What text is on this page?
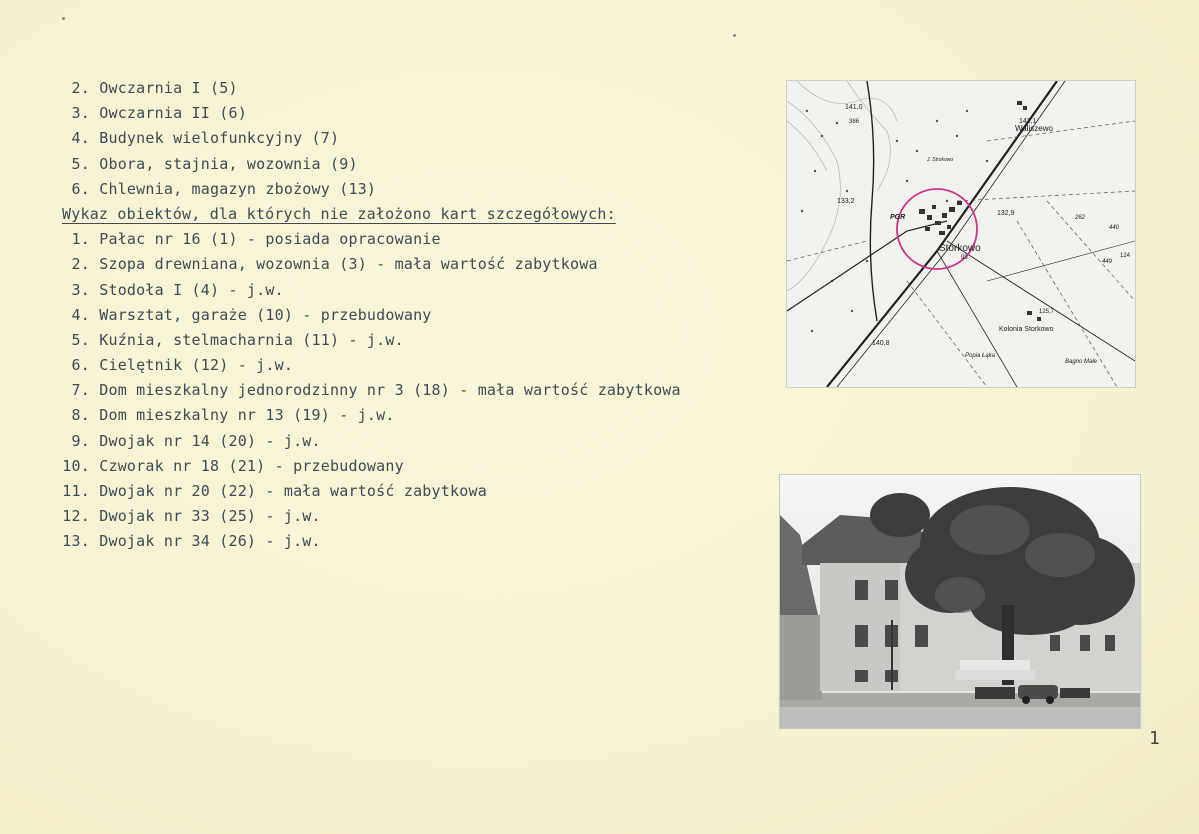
2. Owczarnia I (5)
3. Owczarnia II (6)
4. Budynek wielofunkcyjny (7)
5. Obora, stajnia, wozownia (9)
6. Chlewnia, magazyn zbożowy (13)
Wykaz obiektów, dla których nie założono kart szczegółowych:
1. Pałac nr 16 (1) - posiada opracowanie
2. Szopa drewniana, wozownia (3) - mała wartość zabytkowa
3. Stodoła I (4) - j.w.
4. Warsztat, garaże (10) - przebudowany
5. Kuźnia, stelmacharnia (11) - j.w.
6. Cielętnik (12) - j.w.
7. Dom mieszkalny jednorodzinny nr 3 (18) - mała wartość zabytkowa
8. Dom mieszkalny nr 13 (19) - j.w.
9. Dwojak nr 14 (20) - j.w.
10. Czworak nr 18 (21) - przebudowany
11. Dwojak nr 20 (22) - mała wartość zabytkowa
12. Dwojak nr 33 (25) - j.w.
13. Dwojak nr 34 (26) - j.w.
Storkowo
Waliszewo
Kolonia Storkowo
Popia Łąka
Bagno Małe
PGR
J. Strokowo
133,2
132,9
142,1
140,8
141,0
262
449
440
124
125,7
386
93
1
